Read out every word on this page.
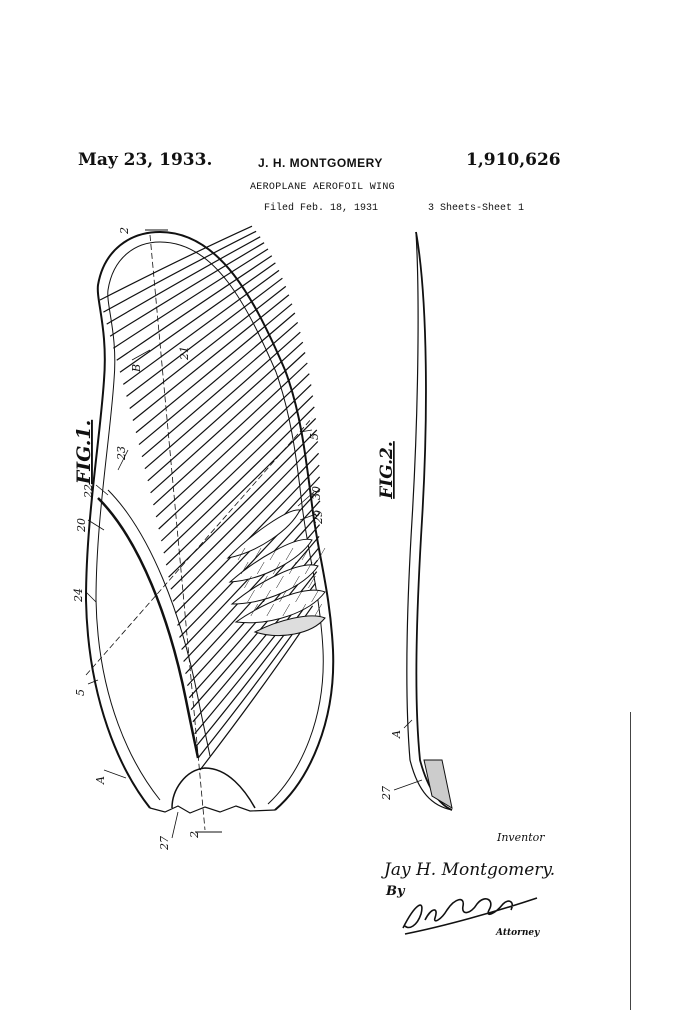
May 23, 1933.	J. H. MONTGOMERY	1,910,626
AEROPLANE AEROFOIL WING
Filed Feb. 18, 1931	3 Sheets-Sheet 1
FIG.1.	FIG.2.
2
B
21
23
22
20
24
5
A
27
2
5
30
29
A
27
Inventor
Jay H. Montgomery.
By
Attorney
